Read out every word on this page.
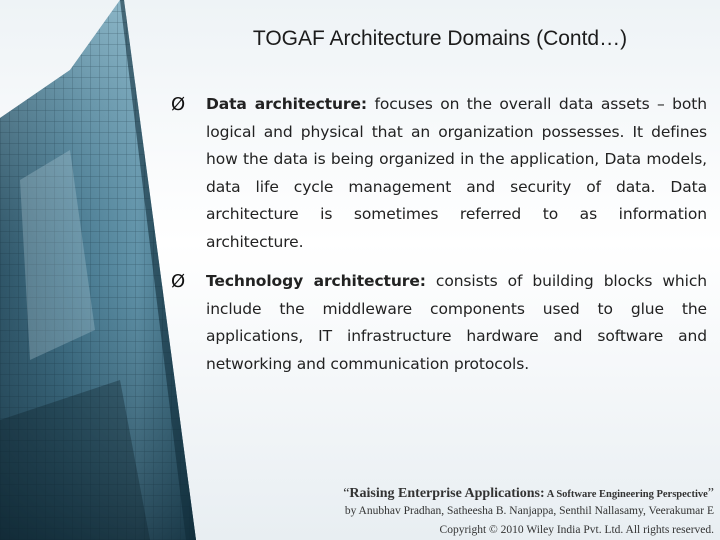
TOGAF Architecture Domains (Contd…)
Ø Data architecture: focuses on the overall data assets – both logical and physical that an organization possesses. It defines how the data is being organized in the application, Data models, data life cycle management and security of data. Data architecture is sometimes referred to as information architecture.
Ø Technology architecture: consists of building blocks which include the middleware components used to glue the applications, IT infrastructure hardware and software and networking and communication protocols.
“Raising Enterprise Applications: A Software Engineering Perspective”
by Anubhav Pradhan, Satheesha B. Nanjappa, Senthil Nallasamy, Veerakumar E
Copyright © 2010 Wiley India Pvt. Ltd. All rights reserved.
